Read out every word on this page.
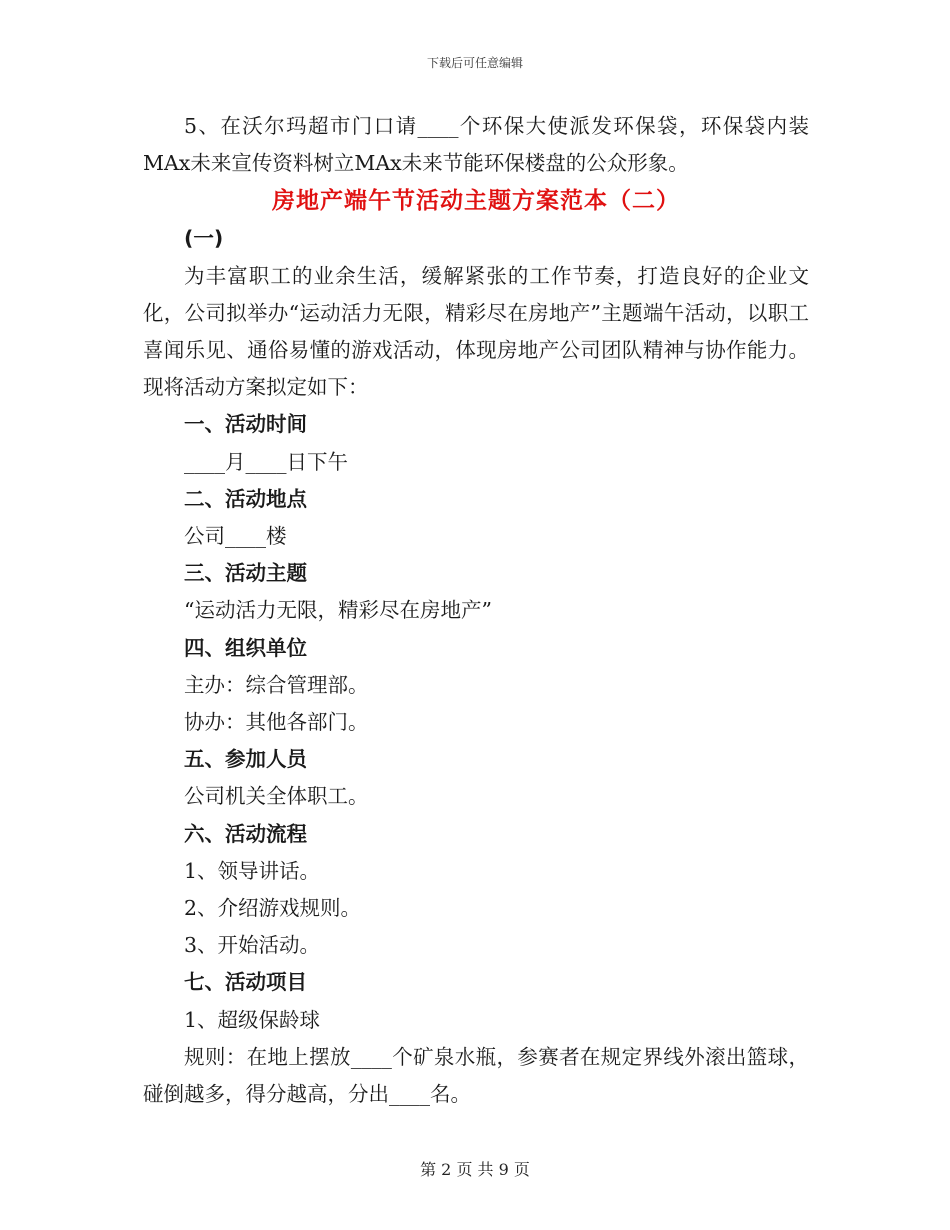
下载后可任意编辑

5、在沃尔玛超市门口请____个环保大使派发环保袋，环保袋内装MAx未来宣传资料树立MAx未来节能环保楼盘的公众形象。

房地产端午节活动主题方案范本（二）

(一)

为丰富职工的业余生活，缓解紧张的工作节奏，打造良好的企业文化，公司拟举办“运动活力无限，精彩尽在房地产”主题端午活动，以职工喜闻乐见、通俗易懂的游戏活动，体现房地产公司团队精神与协作能力。现将活动方案拟定如下：

一、活动时间

____月____日下午

二、活动地点

公司____楼

三、活动主题

“运动活力无限，精彩尽在房地产”

四、组织单位

主办：综合管理部。

协办：其他各部门。

五、参加人员

公司机关全体职工。

六、活动流程

1、领导讲话。

2、介绍游戏规则。

3、开始活动。

七、活动项目

1、超级保龄球

规则：在地上摆放____个矿泉水瓶，参赛者在规定界线外滚出篮球，碰倒越多，得分越高，分出____名。

第 2 页 共 9 页
